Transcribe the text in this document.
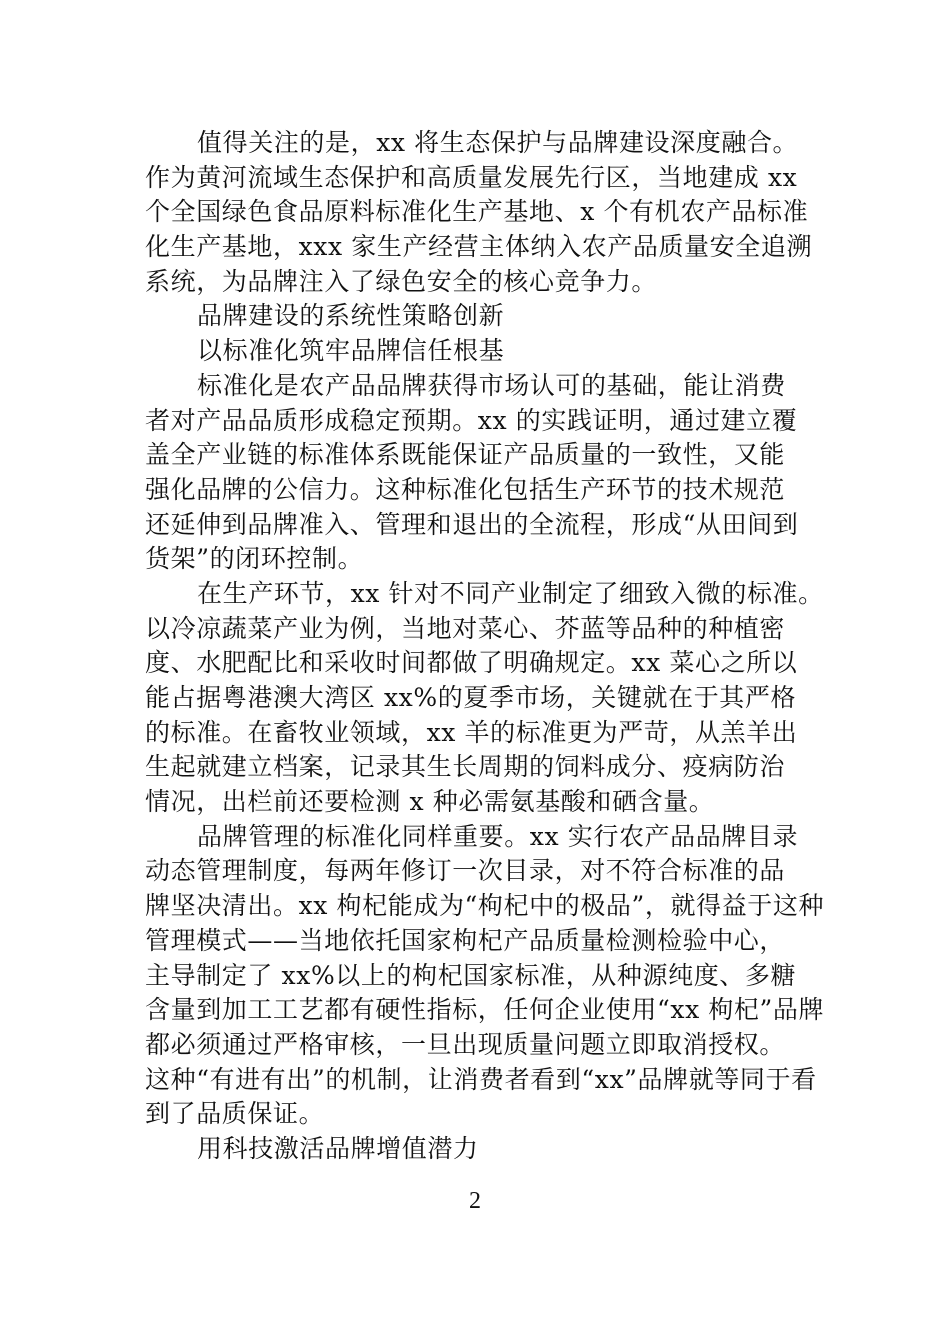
值得关注的是，xx 将生态保护与品牌建设深度融合。
作为黄河流域生态保护和高质量发展先行区，当地建成 xx
个全国绿色食品原料标准化生产基地、x 个有机农产品标准
化生产基地，xxx 家生产经营主体纳入农产品质量安全追溯
系统，为品牌注入了绿色安全的核心竞争力。
品牌建设的系统性策略创新
以标准化筑牢品牌信任根基
标准化是农产品品牌获得市场认可的基础，能让消费
者对产品品质形成稳定预期。xx 的实践证明，通过建立覆
盖全产业链的标准体系既能保证产品质量的一致性，又能
强化品牌的公信力。这种标准化包括生产环节的技术规范
还延伸到品牌准入、管理和退出的全流程，形成“从田间到
货架”的闭环控制。
在生产环节，xx 针对不同产业制定了细致入微的标准。
以冷凉蔬菜产业为例，当地对菜心、芥蓝等品种的种植密
度、水肥配比和采收时间都做了明确规定。xx 菜心之所以
能占据粤港澳大湾区 xx%的夏季市场，关键就在于其严格
的标准。在畜牧业领域，xx 羊的标准更为严苛，从羔羊出
生起就建立档案，记录其生长周期的饲料成分、疫病防治
情况，出栏前还要检测 x 种必需氨基酸和硒含量。
品牌管理的标准化同样重要。xx 实行农产品品牌目录
动态管理制度，每两年修订一次目录，对不符合标准的品
牌坚决清出。xx 枸杞能成为“枸杞中的极品”，就得益于这种
管理模式——当地依托国家枸杞产品质量检测检验中心，
主导制定了 xx%以上的枸杞国家标准，从种源纯度、多糖
含量到加工工艺都有硬性指标，任何企业使用“xx 枸杞”品牌
都必须通过严格审核，一旦出现质量问题立即取消授权。
这种“有进有出”的机制，让消费者看到“xx”品牌就等同于看
到了品质保证。
用科技激活品牌增值潜力
2
